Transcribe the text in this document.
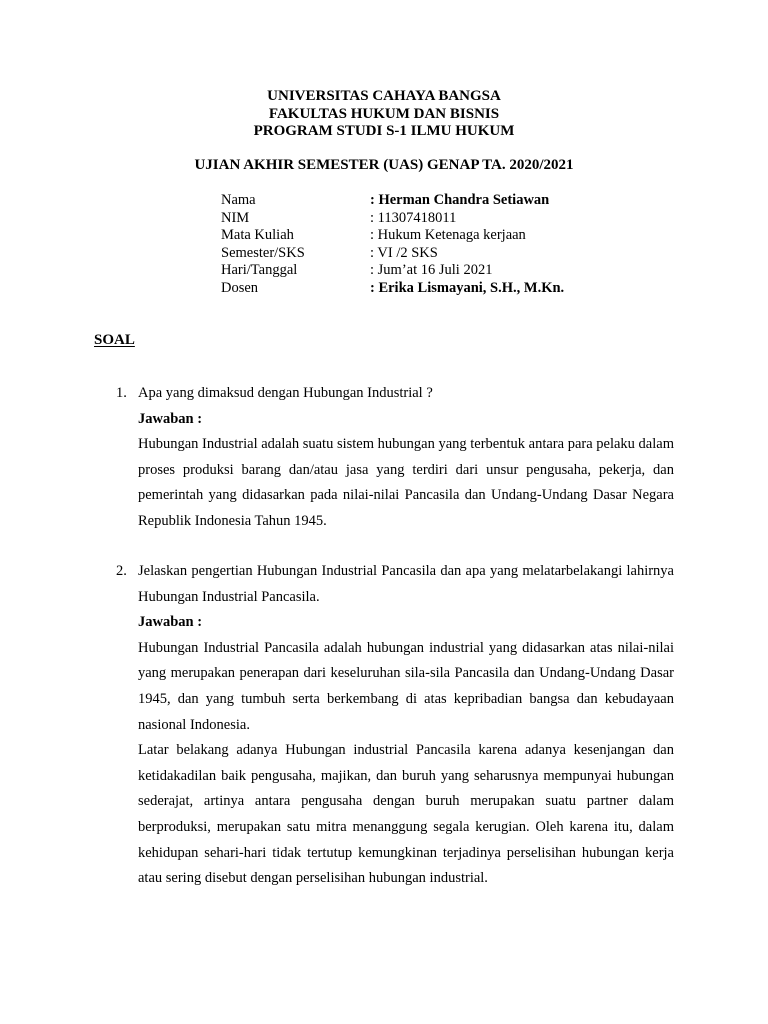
UNIVERSITAS CAHAYA BANGSA
FAKULTAS HUKUM DAN BISNIS
PROGRAM STUDI S-1 ILMU HUKUM
UJIAN AKHIR SEMESTER (UAS) GENAP TA. 2020/2021
Nama	: Herman Chandra Setiawan
NIM	: 11307418011
Mata Kuliah	: Hukum Ketenaga kerjaan
Semester/SKS	: VI /2 SKS
Hari/Tanggal	: Jum’at 16 Juli 2021
Dosen	: Erika Lismayani, S.H., M.Kn.
SOAL
1. Apa yang dimaksud dengan Hubungan Industrial ?

Jawaban :

Hubungan Industrial adalah suatu sistem hubungan yang terbentuk antara para pelaku dalam proses produksi barang dan/atau jasa yang terdiri dari unsur pengusaha, pekerja, dan pemerintah yang didasarkan pada nilai-nilai Pancasila dan Undang-Undang Dasar Negara Republik Indonesia Tahun 1945.

2. Jelaskan pengertian Hubungan Industrial Pancasila dan apa yang melatarbelakangi lahirnya Hubungan Industrial Pancasila.

Jawaban :

Hubungan Industrial Pancasila adalah hubungan industrial yang didasarkan atas nilai-nilai yang merupakan penerapan dari keseluruhan sila-sila Pancasila dan Undang-Undang Dasar 1945, dan yang tumbuh serta berkembang di atas kepribadian bangsa dan kebudayaan nasional Indonesia.

Latar belakang adanya Hubungan industrial Pancasila karena adanya kesenjangan dan ketidakadilan baik pengusaha, majikan, dan buruh yang seharusnya mempunyai hubungan sederajat, artinya antara pengusaha dengan buruh merupakan suatu partner dalam berproduksi, merupakan satu mitra menanggung segala kerugian. Oleh karena itu, dalam kehidupan sehari-hari tidak tertutup kemungkinan terjadinya perselisihan hubungan kerja atau sering disebut dengan perselisihan hubungan industrial.
